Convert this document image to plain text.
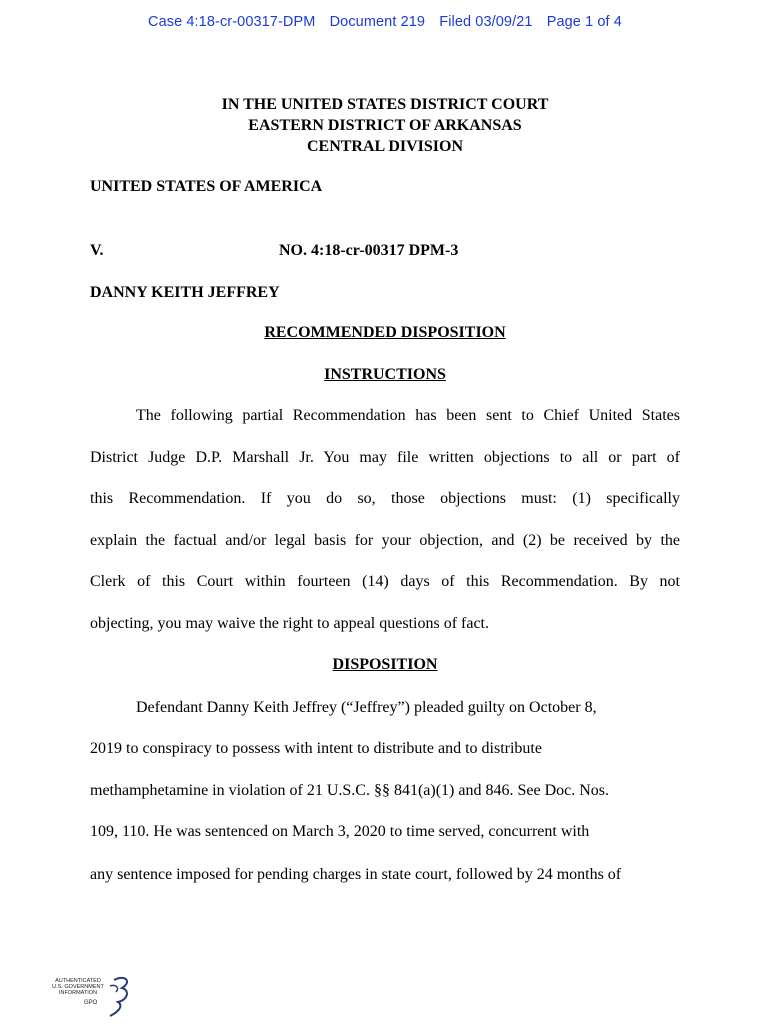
Case 4:18-cr-00317-DPM Document 219 Filed 03/09/21 Page 1 of 4
IN THE UNITED STATES DISTRICT COURT
EASTERN DISTRICT OF ARKANSAS
CENTRAL DIVISION
UNITED STATES OF AMERICA
V.	NO. 4:18-cr-00317 DPM-3
DANNY KEITH JEFFREY
RECOMMENDED DISPOSITION
INSTRUCTIONS
The following partial Recommendation has been sent to Chief United States
District Judge D.P. Marshall Jr. You may file written objections to all or part of
this Recommendation. If you do so, those objections must: (1) specifically
explain the factual and/or legal basis for your objection, and (2) be received by the
Clerk of this Court within fourteen (14) days of this Recommendation. By not
objecting, you may waive the right to appeal questions of fact.
DISPOSITION
Defendant Danny Keith Jeffrey (“Jeffrey”) pleaded guilty on October 8,
2019 to conspiracy to possess with intent to distribute and to distribute
methamphetamine in violation of 21 U.S.C. §§ 841(a)(1) and 846. See Doc. Nos.
109, 110. He was sentenced on March 3, 2020 to time served, concurrent with
any sentence imposed for pending charges in state court, followed by 24 months of
AUTHENTICATED
U.S. GOVERNMENT
INFORMATION
GPO
